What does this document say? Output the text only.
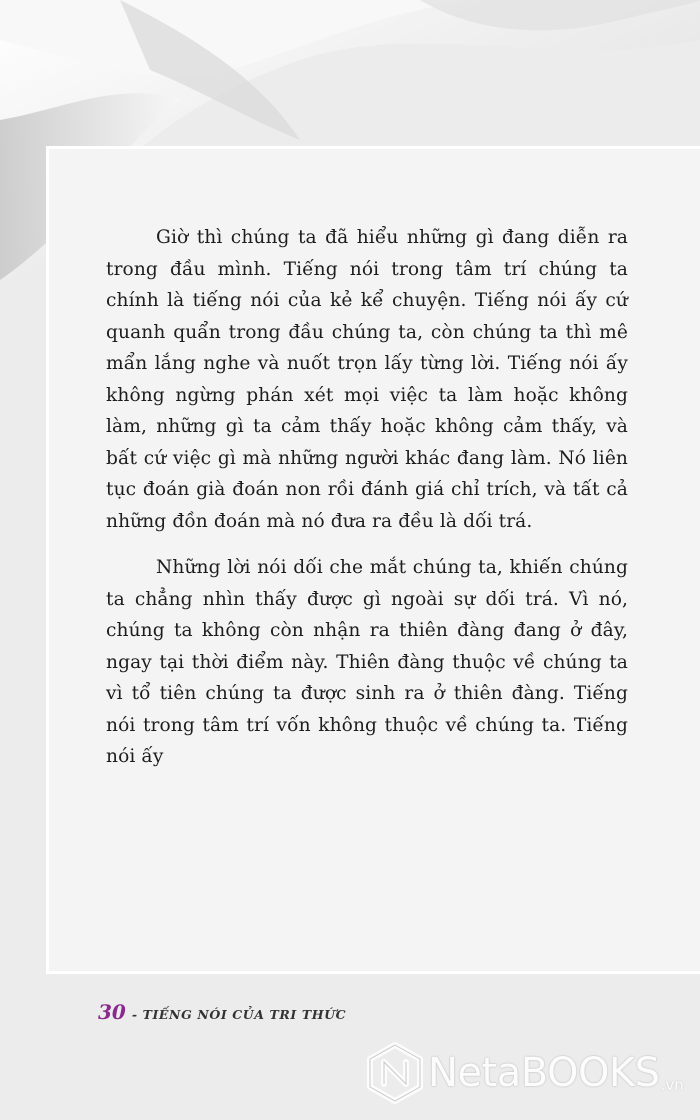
Giờ thì chúng ta đã hiểu những gì đang diễn ra trong đầu mình. Tiếng nói trong tâm trí chúng ta chính là tiếng nói của kẻ kể chuyện. Tiếng nói ấy cứ quanh quẩn trong đầu chúng ta, còn chúng ta thì mê mẩn lắng nghe và nuốt trọn lấy từng lời. Tiếng nói ấy không ngừng phán xét mọi việc ta làm hoặc không làm, những gì ta cảm thấy hoặc không cảm thấy, và bất cứ việc gì mà những người khác đang làm. Nó liên tục đoán già đoán non rồi đánh giá chỉ trích, và tất cả những đồn đoán mà nó đưa ra đều là dối trá.

Những lời nói dối che mắt chúng ta, khiến chúng ta chẳng nhìn thấy được gì ngoài sự dối trá. Vì nó, chúng ta không còn nhận ra thiên đàng đang ở đây, ngay tại thời điểm này. Thiên đàng thuộc về chúng ta vì tổ tiên chúng ta được sinh ra ở thiên đàng. Tiếng nói trong tâm trí vốn không thuộc về chúng ta. Tiếng nói ấy

30 - TIẾNG NÓI CỦA TRI THỨC
NetaBOOKS .vn
